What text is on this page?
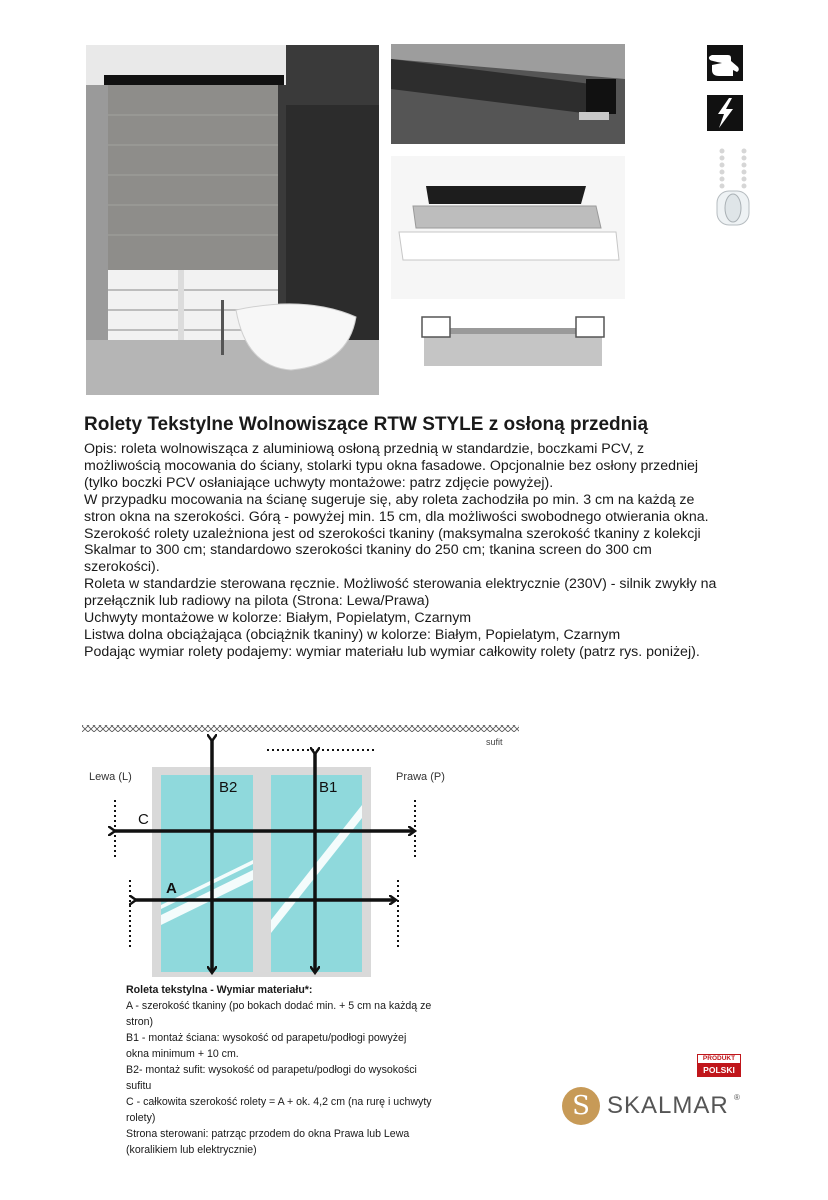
Rolety Tekstylne Wolnowiszące RTW STYLE z osłoną przednią

Opis: roleta wolnowisząca z aluminiową osłoną przednią w standardzie, boczkami PCV, z

możliwością mocowania do ściany, stolarki typu okna fasadowe. Opcjonalnie bez osłony przedniej

(tylko boczki PCV osłaniające uchwyty montażowe: patrz zdjęcie powyżej).

W przypadku mocowania na ścianę sugeruje się, aby roleta zachodziła po min. 3 cm na każdą ze

stron okna na szerokości. Górą - powyżej min. 15 cm, dla możliwości swobodnego otwierania okna.

Szerokość rolety uzależniona jest od szerokości tkaniny (maksymalna szerokość tkaniny z kolekcji

Skalmar to 300 cm; standardowo szerokości tkaniny do 250 cm; tkanina screen do 300 cm

szerokości).

Roleta w standardzie sterowana ręcznie. Możliwość sterowania elektrycznie (230V) - silnik zwykły na

przełącznik lub radiowy na pilota (Strona: Lewa/Prawa)

Uchwyty montażowe w kolorze: Białym, Popielatym, Czarnym

Listwa dolna obciążająca (obciążnik tkaniny) w kolorze: Białym, Popielatym, Czarnym

Podając wymiar rolety podajemy: wymiar materiału lub wymiar całkowity rolety (patrz rys. poniżej).

sufit
Lewa (L)	Prawa (P)
B2	B1
C
A

Roleta tekstylna - Wymiar materiału*:

A - szerokość tkaniny (po bokach dodać min. + 5 cm na każdą ze

stron)

B1 - montaż ściana: wysokość od parapetu/podłogi powyżej

okna minimum + 10 cm.

B2- montaż sufit: wysokość od parapetu/podłogi do wysokości

sufitu

C - całkowita szerokość rolety = A + ok. 4,2 cm (na rurę i uchwyty

rolety)

Strona sterowani: patrząc przodem do okna Prawa lub Lewa

(koralikiem lub elektrycznie)

PRODUKT
POLSKI
S SKALMAR ®
